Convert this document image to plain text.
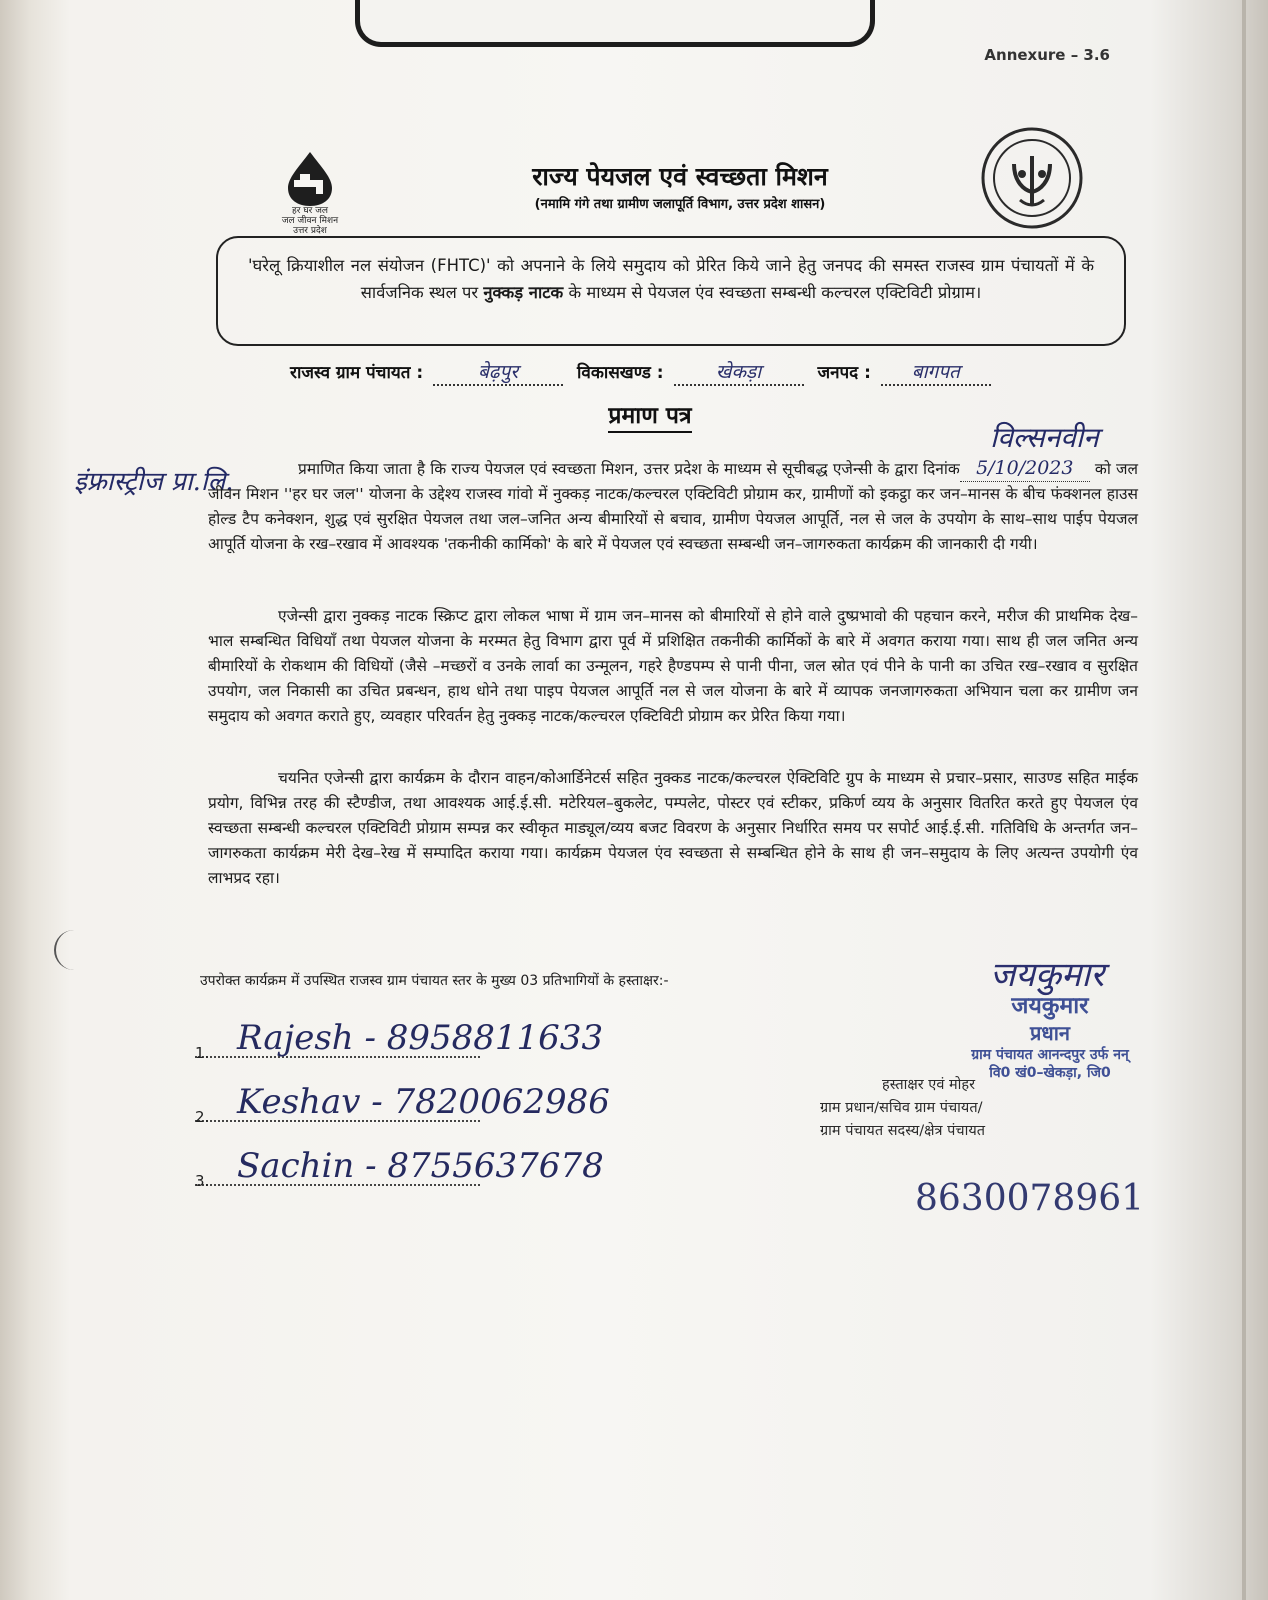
Annexure – 3.6
हर घर जल
जल जीवन मिशन
उत्तर प्रदेश
राज्य पेयजल एवं स्वच्छता मिशन
(नमामि गंगे तथा ग्रामीण जलापूर्ति विभाग, उत्तर प्रदेश शासन)
'घरेलू क्रियाशील नल संयोजन (FHTC)' को अपनाने के लिये समुदाय को प्रेरित किये जाने हेतु जनपद की समस्त राजस्व ग्राम पंचायतों में के सार्वजनिक स्थल पर नुक्कड़ नाटक के माध्यम से पेयजल एंव स्वच्छता सम्बन्धी कल्चरल एक्टिविटी प्रोग्राम।
राजस्व ग्राम पंचायत :	बेढ़पुर	विकासखण्ड :	खेकड़ा	जनपद : बागपत
प्रमाण पत्र
विल्सनवीन
इंफ्रास्ट्रीज प्रा.लि.	प्रमाणित किया जाता है कि राज्य पेयजल एवं स्वच्छता मिशन, उत्तर प्रदेश के माध्यम से सूचीबद्ध एजेन्सी के द्वारा दिनांक 5/10/2023 को जल जीवन मिशन ''हर घर जल'' योजना के उद्देश्य राजस्व गांवो में नुक्कड़ नाटक/कल्चरल एक्टिविटी प्रोग्राम कर, ग्रामीणों को इकट्ठा कर जन–मानस के बीच फंक्शनल हाउस होल्ड टैप कनेक्शन, शुद्ध एवं सुरक्षित पेयजल तथा जल–जनित अन्य बीमारियों से बचाव, ग्रामीण पेयजल आपूर्ति, नल से जल के उपयोग के साथ–साथ पाईप पेयजल आपूर्ति योजना के रख–रखाव में आवश्यक 'तकनीकी कार्मिको' के बारे में पेयजल एवं स्वच्छता सम्बन्धी जन–जागरुकता कार्यक्रम की जानकारी दी गयी।
एजेन्सी द्वारा नुक्कड़ नाटक स्क्रिप्ट द्वारा लोकल भाषा में ग्राम जन–मानस को बीमारियों से होने वाले दुष्प्रभावो की पहचान करने, मरीज की प्राथमिक देख–भाल सम्बन्धित विधियाँ तथा पेयजल योजना के मरम्मत हेतु विभाग द्वारा पूर्व में प्रशिक्षित तकनीकी कार्मिकों के बारे में अवगत कराया गया। साथ ही जल जनित अन्य बीमारियों के रोकथाम की विधियों (जैसे –मच्छरों व उनके लार्वा का उन्मूलन, गहरे हैण्डपम्प से पानी पीना, जल स्रोत एवं पीने के पानी का उचित रख–रखाव व सुरक्षित उपयोग, जल निकासी का उचित प्रबन्धन, हाथ धोने तथा पाइप पेयजल आपूर्ति नल से जल योजना के बारे में व्यापक जनजागरुकता अभियान चला कर ग्रामीण जन समुदाय को अवगत कराते हुए, व्यवहार परिवर्तन हेतु नुक्कड़ नाटक/कल्चरल एक्टिविटी प्रोग्राम कर प्रेरित किया गया।
चयनित एजेन्सी द्वारा कार्यक्रम के दौरान वाहन/कोआर्डिनेटर्स सहित नुक्कड नाटक/कल्चरल ऐक्टिविटि ग्रुप के माध्यम से प्रचार–प्रसार, साउण्ड सहित माईक प्रयोग, विभिन्न तरह की स्टैण्डीज, तथा आवश्यक आई.ई.सी. मटेरियल–बुकलेट, पम्पलेट, पोस्टर एवं स्टीकर, प्रकिर्ण व्यय के अनुसार वितरित करते हुए पेयजल एंव स्वच्छता सम्बन्धी कल्चरल एक्टिविटी प्रोग्राम सम्पन्न कर स्वीकृत माड्यूल/व्यय बजट विवरण के अनुसार निर्धारित समय पर सपोर्ट आई.ई.सी. गतिविधि के अन्तर्गत जन–जागरुकता कार्यक्रम मेरी देख–रेख में सम्पादित कराया गया। कार्यक्रम पेयजल एंव स्वच्छता से सम्बन्धित होने के साथ ही जन–समुदाय के लिए अत्यन्त उपयोगी एंव लाभप्रद रहा।
उपरोक्त कार्यक्रम में उपस्थित राजस्व ग्राम पंचायत स्तर के मुख्य 03 प्रतिभागियों के हस्ताक्षर:-
1. Rajesh - 8958811633
2. Keshav - 7820062986
3. Sachin - 8755637678
जयकुमार
जयकुमार
प्रधान
ग्राम पंचायत आनन्दपुर उर्फ नन्
वि0 खं0–खेकड़ा, जि0
हस्ताक्षर एवं मोहर
ग्राम प्रधान/सचिव ग्राम पंचायत/
ग्राम पंचायत सदस्य/क्षेत्र पंचायत
8630078961
